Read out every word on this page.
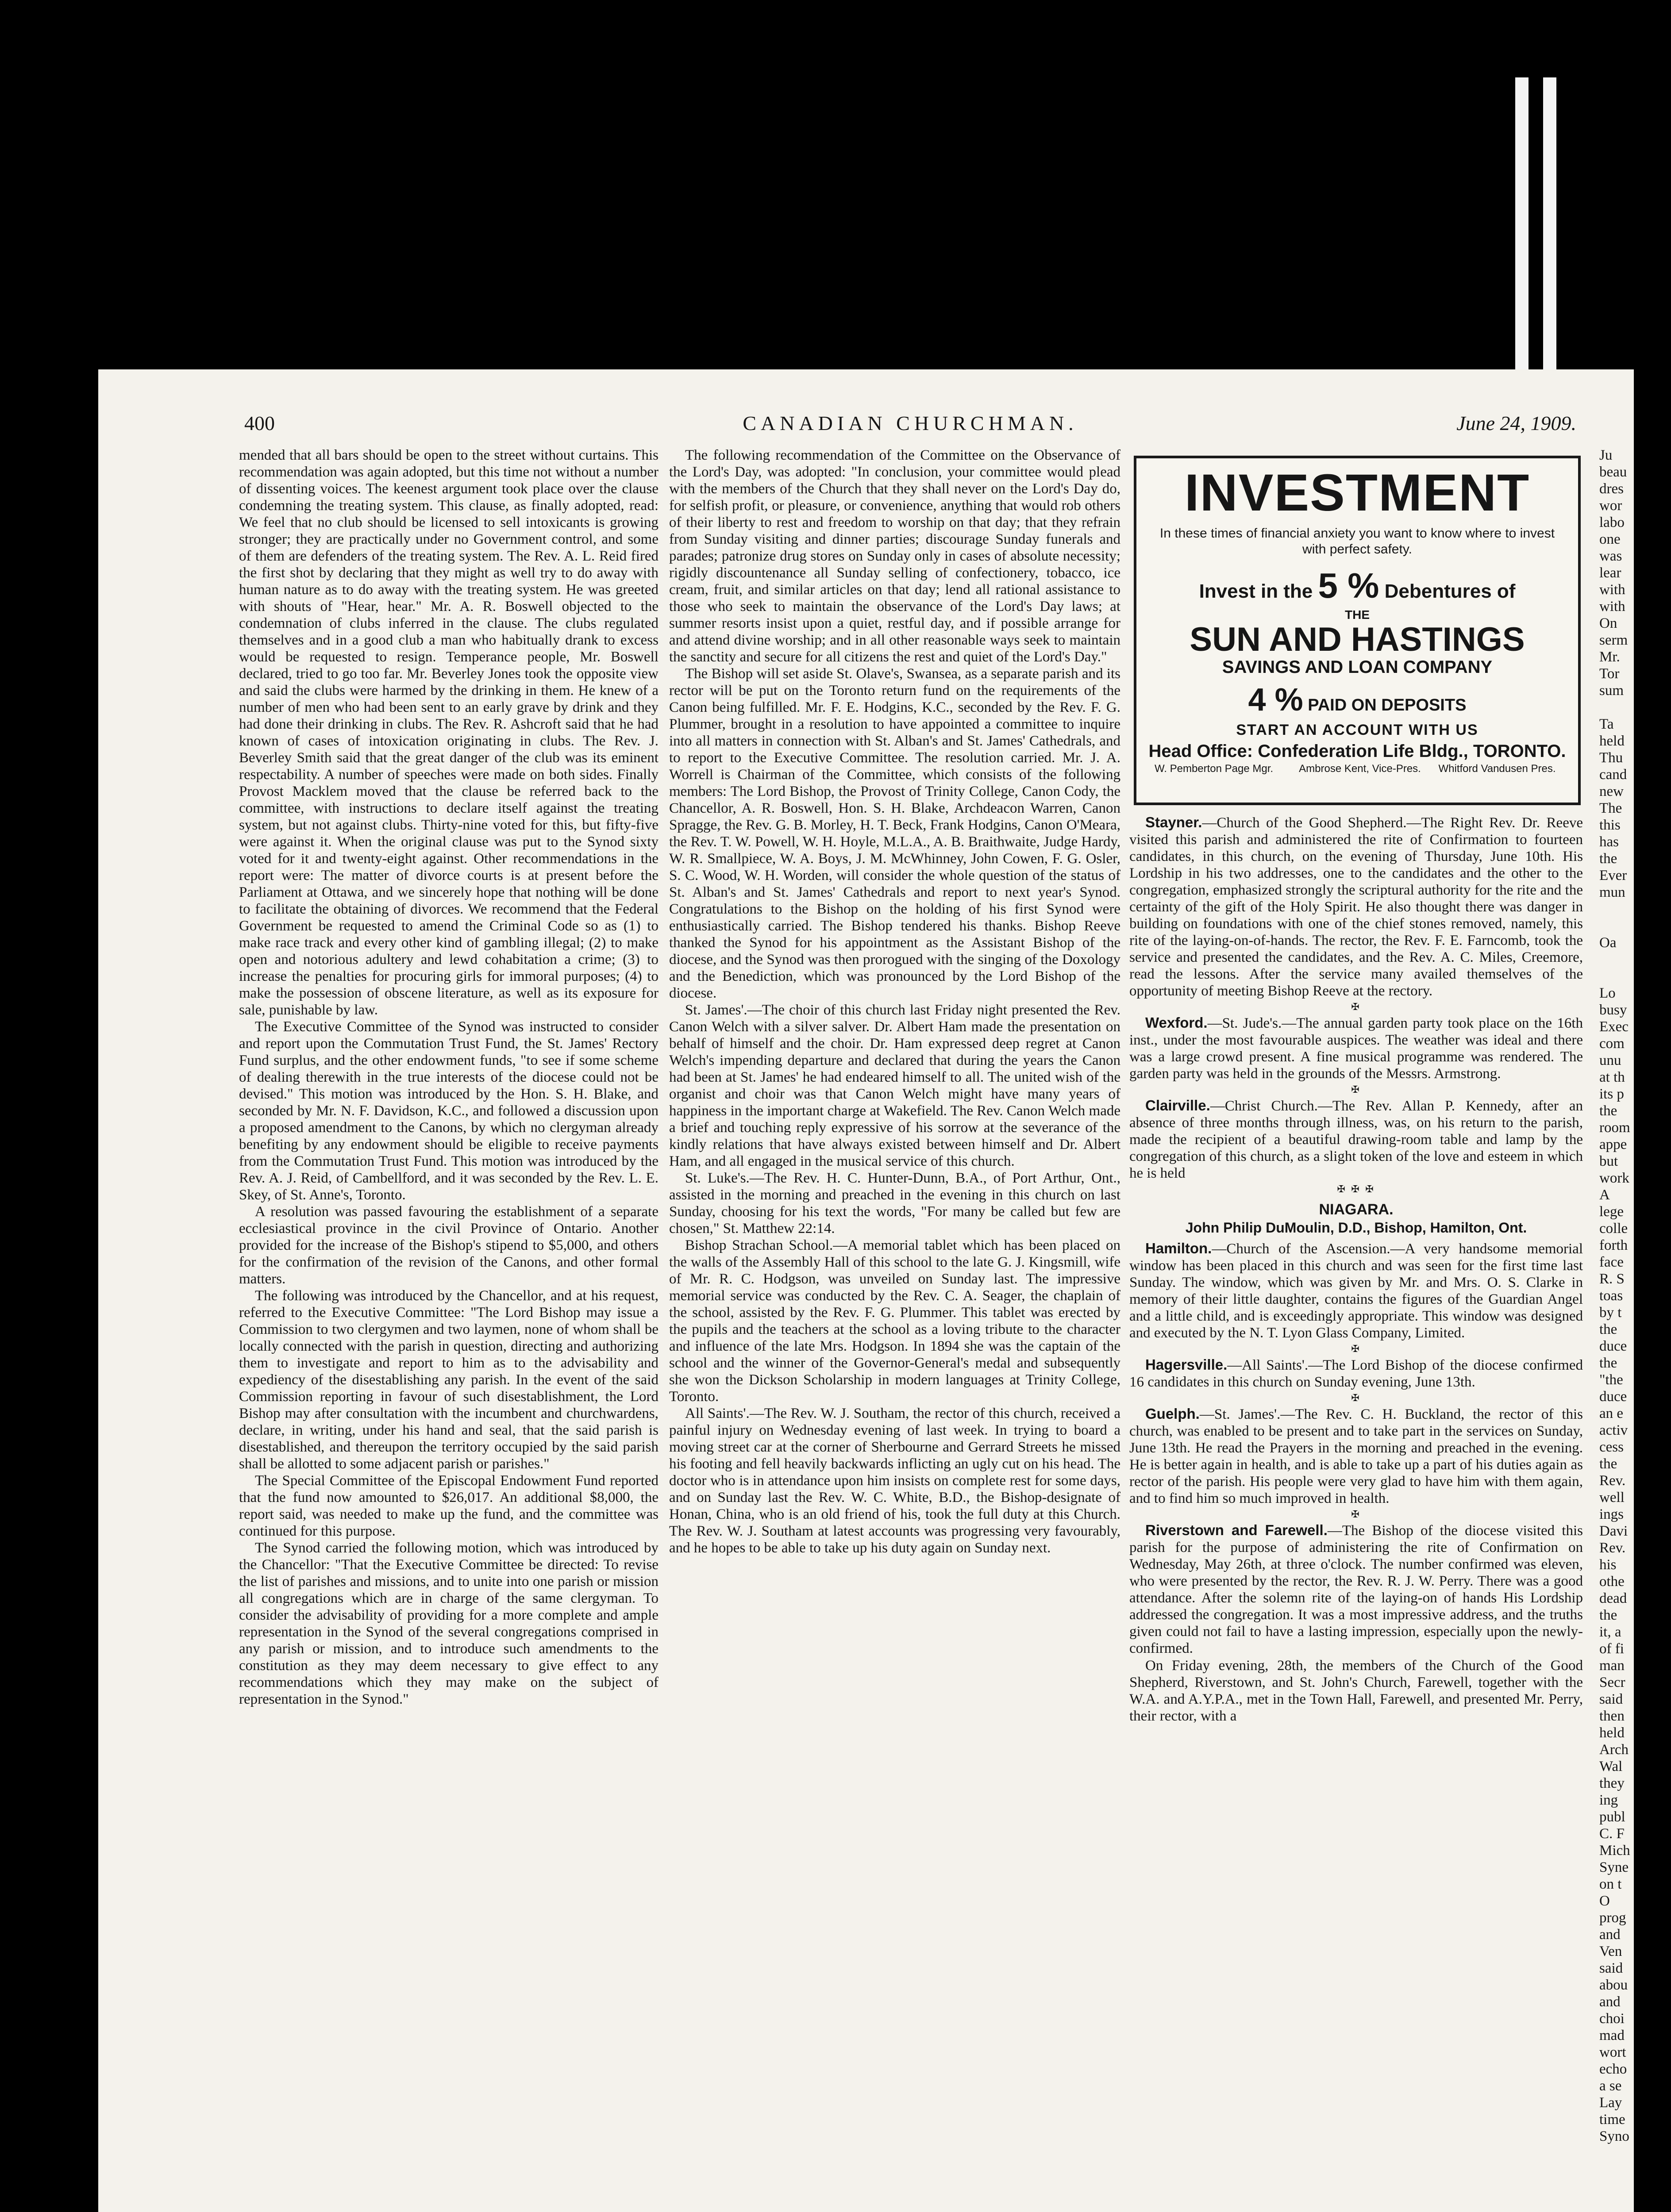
400	CANADIAN CHURCHMAN.	June 24, 1909.

mended that all bars should be open to the street without curtains. This recommendation was again adopted, but this time not without a number of dissenting voices. The keenest argument took place over the clause condemning the treating system. This clause, as finally adopted, read: We feel that no club should be licensed to sell intoxicants is growing stronger; they are practically under no Government control, and some of them are defenders of the treating system. The Rev. A. L. Reid fired the first shot by declaring that they might as well try to do away with human nature as to do away with the treating system. He was greeted with shouts of "Hear, hear." Mr. A. R. Boswell objected to the condemnation of clubs inferred in the clause. The clubs regulated themselves and in a good club a man who habitually drank to excess would be requested to resign. Temperance people, Mr. Boswell declared, tried to go too far. Mr. Beverley Jones took the opposite view and said the clubs were harmed by the drinking in them. He knew of a number of men who had been sent to an early grave by drink and they had done their drinking in clubs. The Rev. R. Ashcroft said that he had known of cases of intoxication originating in clubs. The Rev. J. Beverley Smith said that the great danger of the club was its eminent respectability. A number of speeches were made on both sides. Finally Provost Macklem moved that the clause be referred back to the committee, with instructions to declare itself against the treating system, but not against clubs. Thirty-nine voted for this, but fifty-five were against it. When the original clause was put to the Synod sixty voted for it and twenty-eight against. Other recommendations in the report were: The matter of divorce courts is at present before the Parliament at Ottawa, and we sincerely hope that nothing will be done to facilitate the obtaining of divorces. We recommend that the Federal Government be requested to amend the Criminal Code so as (1) to make race track and every other kind of gambling illegal; (2) to make open and notorious adultery and lewd cohabitation a crime; (3) to increase the penalties for procuring girls for immoral purposes; (4) to make the possession of obscene literature, as well as its exposure for sale, punishable by law.

The Executive Committee of the Synod was instructed to consider and report upon the Commutation Trust Fund, the St. James' Rectory Fund surplus, and the other endowment funds, "to see if some scheme of dealing therewith in the true interests of the diocese could not be devised." This motion was introduced by the Hon. S. H. Blake, and seconded by Mr. N. F. Davidson, K.C., and followed a discussion upon a proposed amendment to the Canons, by which no clergyman already benefiting by any endowment should be eligible to receive payments from the Commutation Trust Fund. This motion was introduced by the Rev. A. J. Reid, of Cambellford, and it was seconded by the Rev. L. E. Skey, of St. Anne's, Toronto.

A resolution was passed favouring the establishment of a separate ecclesiastical province in the civil Province of Ontario. Another provided for the increase of the Bishop's stipend to $5,000, and others for the confirmation of the revision of the Canons, and other formal matters.

The following was introduced by the Chancellor, and at his request, referred to the Executive Committee: "The Lord Bishop may issue a Commission to two clergymen and two laymen, none of whom shall be locally connected with the parish in question, directing and authorizing them to investigate and report to him as to the advisability and expediency of the disestablishing any parish. In the event of the said Commission reporting in favour of such disestablishment, the Lord Bishop may after consultation with the incumbent and churchwardens, declare, in writing, under his hand and seal, that the said parish is disestablished, and thereupon the territory occupied by the said parish shall be allotted to some adjacent parish or parishes."

The Special Committee of the Episcopal Endowment Fund reported that the fund now amounted to $26,017. An additional $8,000, the report said, was needed to make up the fund, and the committee was continued for this purpose.

The Synod carried the following motion, which was introduced by the Chancellor: "That the Executive Committee be directed: To revise the list of parishes and missions, and to unite into one parish or mission all congregations which are in charge of the same clergyman. To consider the advisability of providing for a more complete and ample representation in the Synod of the several congregations comprised in any parish or mission, and to introduce such amendments to the constitution as they may deem necessary to give effect to any recommendations which they may make on the subject of representation in the Synod."

The following recommendation of the Committee on the Observance of the Lord's Day, was adopted: "In conclusion, your committee would plead with the members of the Church that they shall never on the Lord's Day do, for selfish profit, or pleasure, or convenience, anything that would rob others of their liberty to rest and freedom to worship on that day; that they refrain from Sunday visiting and dinner parties; discourage Sunday funerals and parades; patronize drug stores on Sunday only in cases of absolute necessity; rigidly discountenance all Sunday selling of confectionery, tobacco, ice cream, fruit, and similar articles on that day; lend all rational assistance to those who seek to maintain the observance of the Lord's Day laws; at summer resorts insist upon a quiet, restful day, and if possible arrange for and attend divine worship; and in all other reasonable ways seek to maintain the sanctity and secure for all citizens the rest and quiet of the Lord's Day."

The Bishop will set aside St. Olave's, Swansea, as a separate parish and its rector will be put on the Toronto return fund on the requirements of the Canon being fulfilled. Mr. F. E. Hodgins, K.C., seconded by the Rev. F. G. Plummer, brought in a resolution to have appointed a committee to inquire into all matters in connection with St. Alban's and St. James' Cathedrals, and to report to the Executive Committee. The resolution carried. Mr. J. A. Worrell is Chairman of the Committee, which consists of the following members: The Lord Bishop, the Provost of Trinity College, Canon Cody, the Chancellor, A. R. Boswell, Hon. S. H. Blake, Archdeacon Warren, Canon Spragge, the Rev. G. B. Morley, H. T. Beck, Frank Hodgins, Canon O'Meara, the Rev. T. W. Powell, W. H. Hoyle, M.L.A., A. B. Braithwaite, Judge Hardy, W. R. Smallpiece, W. A. Boys, J. M. McWhinney, John Cowen, F. G. Osler, S. C. Wood, W. H. Worden, will consider the whole question of the status of St. Alban's and St. James' Cathedrals and report to next year's Synod. Congratulations to the Bishop on the holding of his first Synod were enthusiastically carried. The Bishop tendered his thanks. Bishop Reeve thanked the Synod for his appointment as the Assistant Bishop of the diocese, and the Synod was then prorogued with the singing of the Doxology and the Benediction, which was pronounced by the Lord Bishop of the diocese.

St. James'.—The choir of this church last Friday night presented the Rev. Canon Welch with a silver salver. Dr. Albert Ham made the presentation on behalf of himself and the choir. Dr. Ham expressed deep regret at Canon Welch's impending departure and declared that during the years the Canon had been at St. James' he had endeared himself to all. The united wish of the organist and choir was that Canon Welch might have many years of happiness in the important charge at Wakefield. The Rev. Canon Welch made a brief and touching reply expressive of his sorrow at the severance of the kindly relations that have always existed between himself and Dr. Albert Ham, and all engaged in the musical service of this church.

St. Luke's.—The Rev. H. C. Hunter-Dunn, B.A., of Port Arthur, Ont., assisted in the morning and preached in the evening in this church on last Sunday, choosing for his text the words, "For many be called but few are chosen," St. Matthew 22:14.

Bishop Strachan School.—A memorial tablet which has been placed on the walls of the Assembly Hall of this school to the late G. J. Kingsmill, wife of Mr. R. C. Hodgson, was unveiled on Sunday last. The impressive memorial service was conducted by the Rev. C. A. Seager, the chaplain of the school, assisted by the Rev. F. G. Plummer. This tablet was erected by the pupils and the teachers at the school as a loving tribute to the character and influence of the late Mrs. Hodgson. In 1894 she was the captain of the school and the winner of the Governor-General's medal and subsequently she won the Dickson Scholarship in modern languages at Trinity College, Toronto.

All Saints'.—The Rev. W. J. Southam, the rector of this church, received a painful injury on Wednesday evening of last week. In trying to board a moving street car at the corner of Sherbourne and Gerrard Streets he missed his footing and fell heavily backwards inflicting an ugly cut on his head. The doctor who is in attendance upon him insists on complete rest for some days, and on Sunday last the Rev. W. C. White, B.D., the Bishop-designate of Honan, China, who is an old friend of his, took the full duty at this Church. The Rev. W. J. Southam at latest accounts was progressing very favourably, and he hopes to be able to take up his duty again on Sunday next.

INVESTMENT
In these times of financial anxiety you want to know where to invest with perfect safety.
Invest in the 5 % Debentures of
THE
SUN AND HASTINGS
SAVINGS AND LOAN COMPANY
4 % PAID ON DEPOSITS
START AN ACCOUNT WITH US
Head Office: Confederation Life Bldg., TORONTO.
W. Pemberton Page Mgr.	Ambrose Kent, Vice-Pres.	Whitford Vandusen Pres.

Stayner.—Church of the Good Shepherd.—The Right Rev. Dr. Reeve visited this parish and administered the rite of Confirmation to fourteen candidates, in this church, on the evening of Thursday, June 10th. His Lordship in his two addresses, one to the candidates and the other to the congregation, emphasized strongly the scriptural authority for the rite and the certainty of the gift of the Holy Spirit. He also thought there was danger in building on foundations with one of the chief stones removed, namely, this rite of the laying-on-of-hands. The rector, the Rev. F. E. Farncomb, took the service and presented the candidates, and the Rev. A. C. Miles, Creemore, read the lessons. After the service many availed themselves of the opportunity of meeting Bishop Reeve at the rectory.

✠

Wexford.—St. Jude's.—The annual garden party took place on the 16th inst., under the most favourable auspices. The weather was ideal and there was a large crowd present. A fine musical programme was rendered. The garden party was held in the grounds of the Messrs. Armstrong.

✠

Clairville.—Christ Church.—The Rev. Allan P. Kennedy, after an absence of three months through illness, was, on his return to the parish, made the recipient of a beautiful drawing-room table and lamp by the congregation of this church, as a slight token of the love and esteem in which he is held

✠ ✠ ✠
NIAGARA.
John Philip DuMoulin, D.D., Bishop, Hamilton, Ont.

Hamilton.—Church of the Ascension.—A very handsome memorial window has been placed in this church and was seen for the first time last Sunday. The window, which was given by Mr. and Mrs. O. S. Clarke in memory of their little daughter, contains the figures of the Guardian Angel and a little child, and is exceedingly appropriate. This window was designed and executed by the N. T. Lyon Glass Company, Limited.

✠

Hagersville.—All Saints'.—The Lord Bishop of the diocese confirmed 16 candidates in this church on Sunday evening, June 13th.

✠

Guelph.—St. James'.—The Rev. C. H. Buckland, the rector of this church, was enabled to be present and to take part in the services on Sunday, June 13th. He read the Prayers in the morning and preached in the evening. He is better again in health, and is able to take up a part of his duties again as rector of the parish. His people were very glad to have him with them again, and to find him so much improved in health.

✠

Riverstown and Farewell.—The Bishop of the diocese visited this parish for the purpose of administering the rite of Confirmation on Wednesday, May 26th, at three o'clock. The number confirmed was eleven, who were presented by the rector, the Rev. R. J. W. Perry. There was a good attendance. After the solemn rite of the laying-on of hands His Lordship addressed the congregation. It was a most impressive address, and the truths given could not fail to have a lasting impression, especially upon the newly-confirmed.

On Friday evening, 28th, the members of the Church of the Good Shepherd, Riverstown, and St. John's Church, Farewell, together with the W.A. and A.Y.P.A., met in the Town Hall, Farewell, and presented Mr. Perry, their rector, with a

Ju
beau
dres
wor
labo
one
was
lear
with
with
On
serm
Mr.
Tor
sum

Ta
held
Thu
cand
new
The
this
has
the
Ever
mun

Oa

Lo
busy
Exec
com
unu
at th
its p
the
room
appe
but
work
A
lege
colle
forth
face
R. S
toas
by t
the
duce
the
"the
duce
an e
activ
cess
the
Rev.
well
ings
Davi
Rev.
his
othe
dead
the
it, a
of fi
man
Secr
said
then
held
Arch
Wal
they
ing
publ
C. F
Mich
Syne
on t
O
prog
and
Ven
said
abou
and
choi
mad
wort
echo
a se
Lay
time
Syno
